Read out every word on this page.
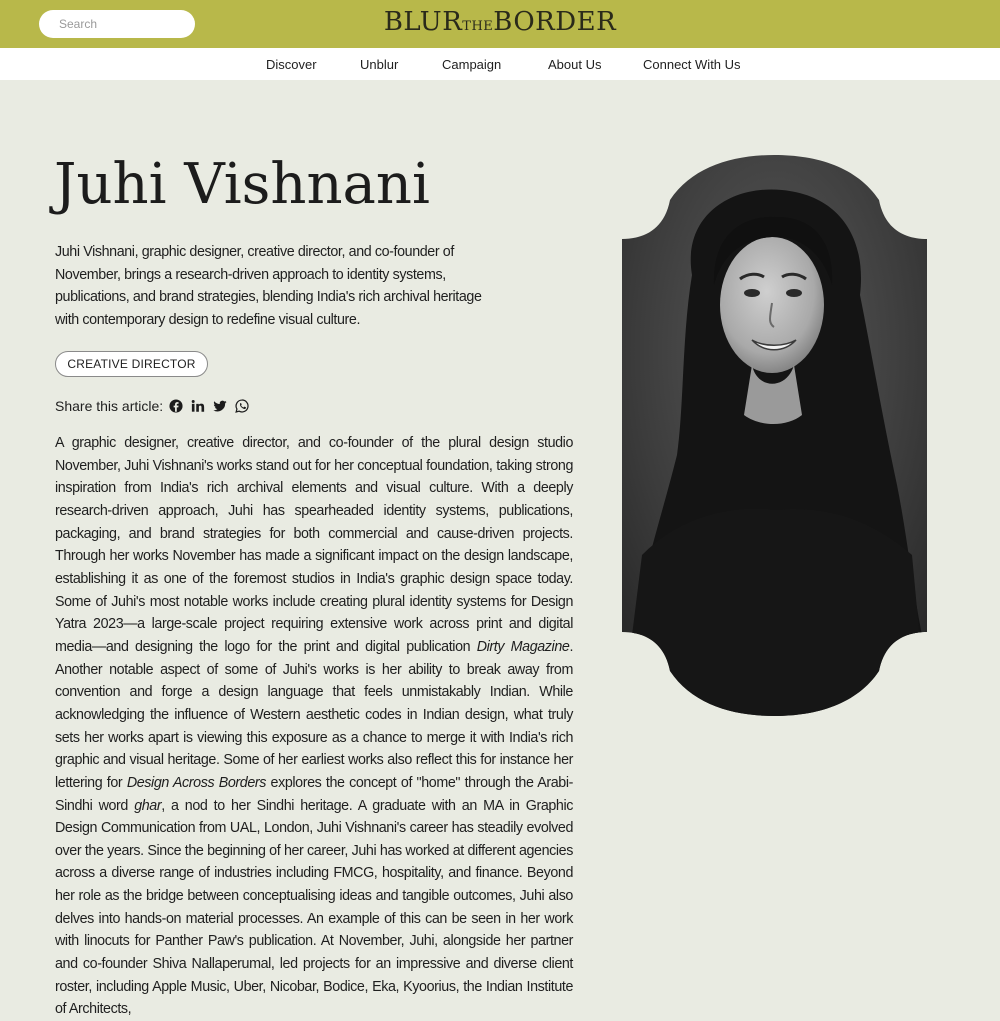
Search
BLURTHEBORDER
Discover	Unblur	Campaign	About Us	Connect With Us
Juhi Vishnani

Juhi Vishnani, graphic designer, creative director, and co-founder of November, brings a research-driven approach to identity systems, publications, and brand strategies, blending India's rich archival heritage with contemporary design to redefine visual culture.

CREATIVE DIRECTOR
Share this article:

A graphic designer, creative director, and co-founder of the plural design studio November, Juhi Vishnani's works stand out for her conceptual foundation, taking strong inspiration from India's rich archival elements and visual culture. With a deeply research-driven approach, Juhi has spearheaded identity systems, publications, packaging, and brand strategies for both commercial and cause-driven projects. Through her works November has made a significant impact on the design landscape, establishing it as one of the foremost studios in India's graphic design space today. Some of Juhi's most notable works include creating plural identity systems for Design Yatra 2023—a large-scale project requiring extensive work across print and digital media—and designing the logo for the print and digital publication Dirty Magazine. Another notable aspect of some of Juhi's works is her ability to break away from convention and forge a design language that feels unmistakably Indian. While acknowledging the influence of Western aesthetic codes in Indian design, what truly sets her works apart is viewing this exposure as a chance to merge it with India's rich graphic and visual heritage. Some of her earliest works also reflect this for instance her lettering for Design Across Borders explores the concept of "home" through the Arabi-Sindhi word ghar, a nod to her Sindhi heritage. A graduate with an MA in Graphic Design Communication from UAL, London, Juhi Vishnani's career has steadily evolved over the years. Since the beginning of her career, Juhi has worked at different agencies across a diverse range of industries including FMCG, hospitality, and finance. Beyond her role as the bridge between conceptualising ideas and tangible outcomes, Juhi also delves into hands-on material processes. An example of this can be seen in her work with linocuts for Panther Paw's publication. At November, Juhi, alongside her partner and co-founder Shiva Nallaperumal, led projects for an impressive and diverse client roster, including Apple Music, Uber, Nicobar, Bodice, Eka, Kyoorius, the Indian Institute of Architects,
